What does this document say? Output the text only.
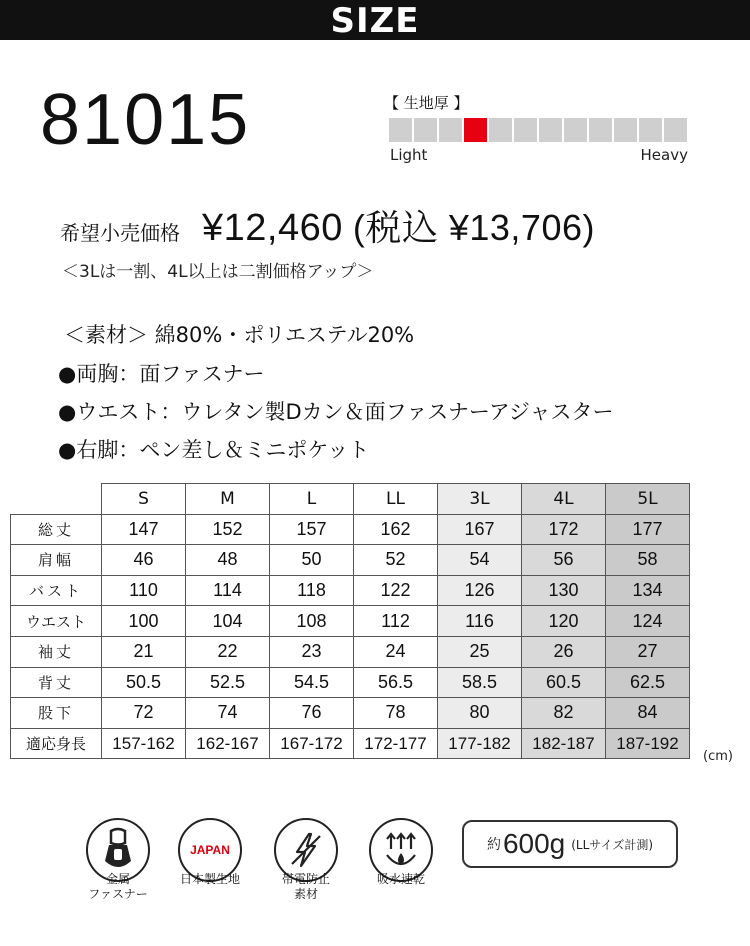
SIZE
81015	【 生地厚 】
Light	Heavy
希望小売価格 ¥12,460 (税込 ¥13,706)
＜3Lは一割、4L以上は二割価格アップ＞
＜素材＞ 綿80%・ポリエステル20%
●両胸：面ファスナー
●ウエスト：ウレタン製Dカン＆面ファスナーアジャスター
●右脚：ペン差し＆ミニポケット
	S	M	L	LL	3L	4L	5L
総丈	147	152	157	162	167	172	177
肩幅	46	48	50	52	54	56	58
バスト	110	114	118	122	126	130	134
ウエスト	100	104	108	112	116	120	124
袖丈	21	22	23	24	25	26	27
背丈	50.5	52.5	54.5	56.5	58.5	60.5	62.5
股下	72	74	76	78	80	82	84
適応身長	157-162	162-167	167-172	172-177	177-182	182-187	187-192
(cm)
金属
ファスナー
JAPAN
日本製生地	帯電防止
素材
吸水速乾
約 600g (LLサイズ計測)
